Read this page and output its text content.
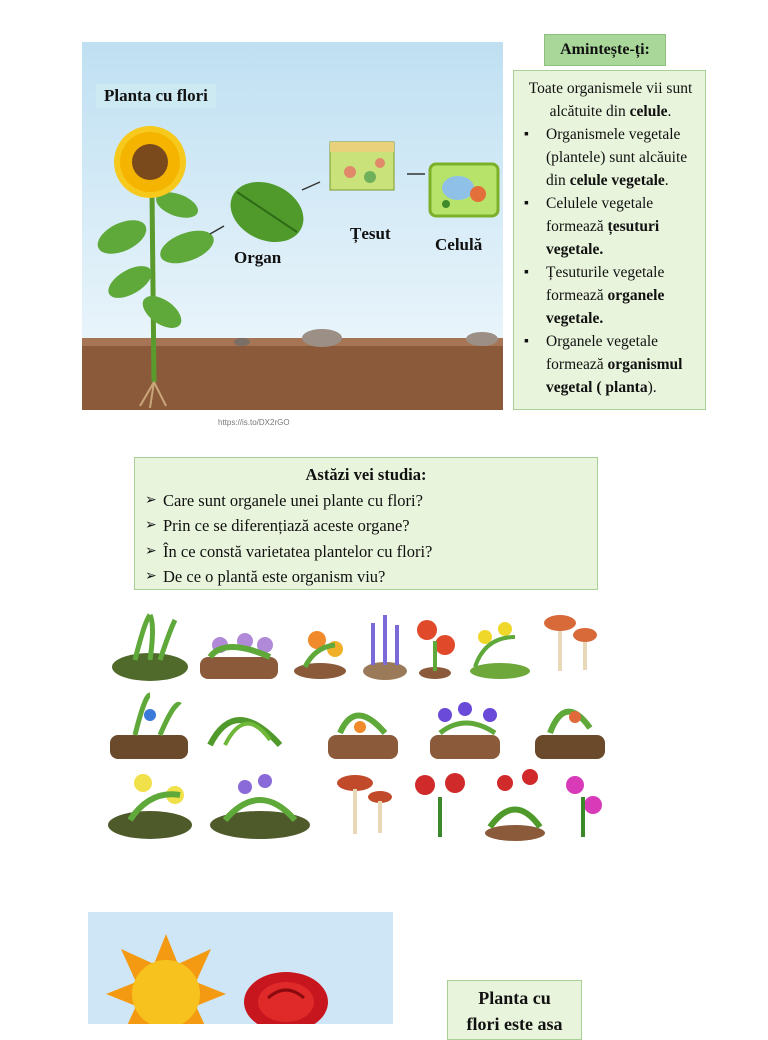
Planta cu flori
Organ
Țesut
Celulă
https://is.to/DX2rGO
Amintește-ți:
Toate organismele vii sunt alcătuite din celule.
▪ Organismele vegetale (plantele) sunt alcăuite din celule vegetale.
▪ Celulele vegetale formează țesuturi vegetale.
▪ Țesuturile vegetale formează organele vegetale.
▪ Organele vegetale formează organismul vegetal ( planta).
Astăzi vei studia:
➢ Care sunt organele unei plante cu flori?
➢ Prin ce se diferențiază aceste organe?
➢ În ce constă varietatea plantelor cu flori?
➢ De ce o plantă este organism viu?
Planta cu
flori este asa
